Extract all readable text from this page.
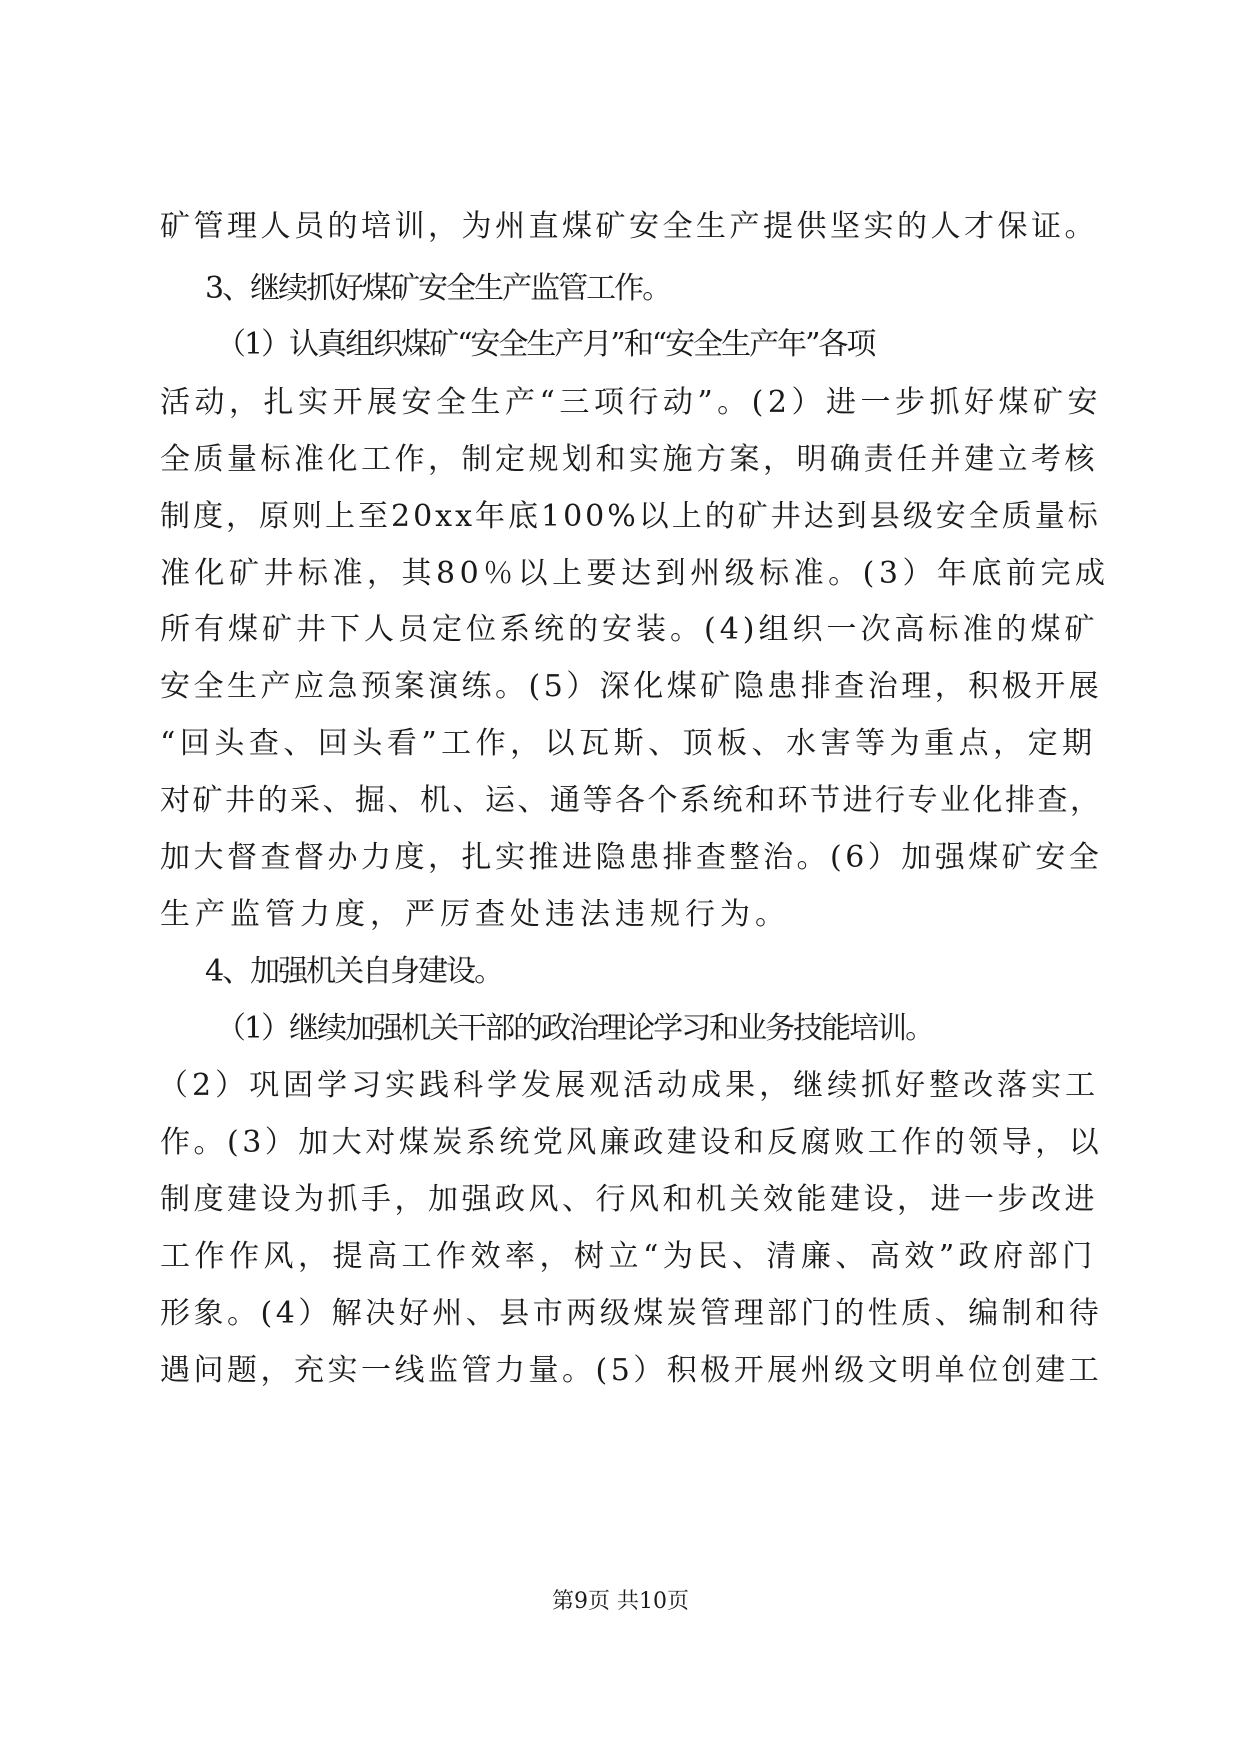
矿管理人员的培训，为州直煤矿安全生产提供坚实的人才保证。
3、继续抓好煤矿安全生产监管工作。
（1）认真组织煤矿“安全生产月”和“安全生产年”各项
活动，扎实开展安全生产“三项行动”。(2）进一步抓好煤矿安
全质量标准化工作，制定规划和实施方案，明确责任并建立考核
制度，原则上至20xx年底100%以上的矿井达到县级安全质量标
准化矿井标准，其80％以上要达到州级标准。(3）年底前完成
所有煤矿井下人员定位系统的安装。(4)组织一次高标准的煤矿
安全生产应急预案演练。(5）深化煤矿隐患排查治理，积极开展
“回头查、回头看”工作，以瓦斯、顶板、水害等为重点，定期
对矿井的采、掘、机、运、通等各个系统和环节进行专业化排查，
加大督查督办力度，扎实推进隐患排查整治。(6）加强煤矿安全
生产监管力度，严厉查处违法违规行为。
4、加强机关自身建设。
（1）继续加强机关干部的政治理论学习和业务技能培训。
（2）巩固学习实践科学发展观活动成果，继续抓好整改落实工
作。(3）加大对煤炭系统党风廉政建设和反腐败工作的领导，以
制度建设为抓手，加强政风、行风和机关效能建设，进一步改进
工作作风，提高工作效率，树立“为民、清廉、高效”政府部门
形象。(4）解决好州、县市两级煤炭管理部门的性质、编制和待
遇问题，充实一线监管力量。(5）积极开展州级文明单位创建工
第9页 共10页
